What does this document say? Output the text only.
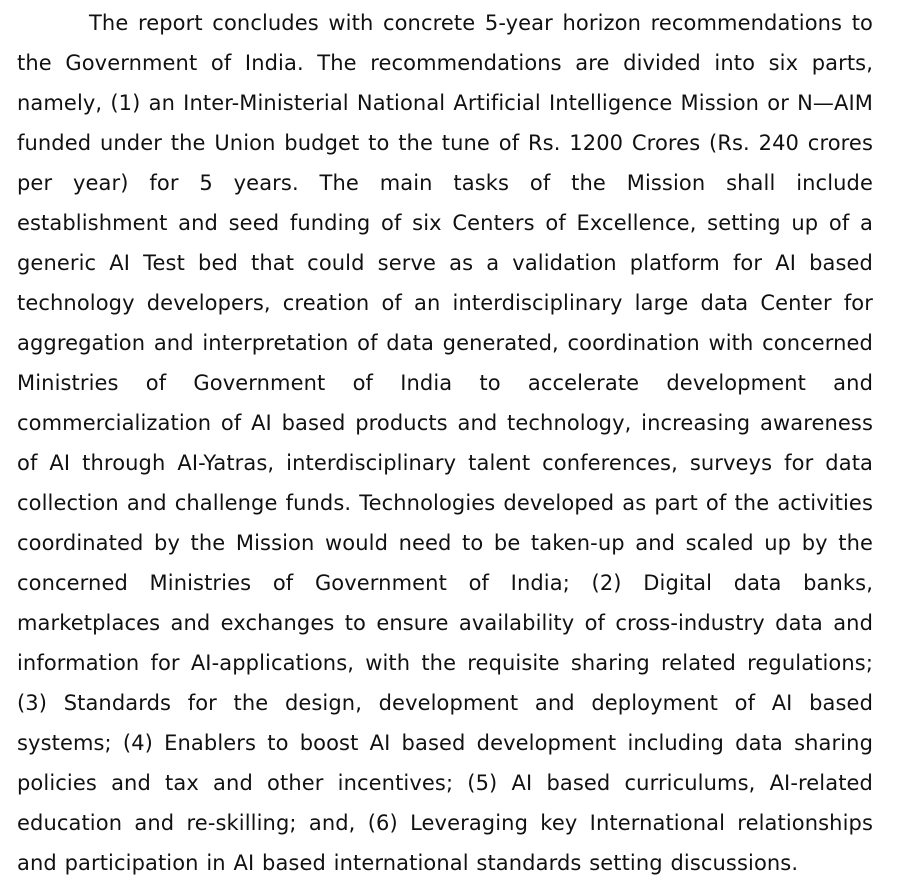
The report concludes with concrete 5-year horizon recommendations to the Government of India. The recommendations are divided into six parts, namely, (1) an Inter-Ministerial National Artificial Intelligence Mission or N—AIM funded under the Union budget to the tune of Rs. 1200 Crores (Rs. 240 crores per year) for 5 years. The main tasks of the Mission shall include establishment and seed funding of six Centers of Excellence, setting up of a generic AI Test bed that could serve as a validation platform for AI based technology developers, creation of an interdisciplinary large data Center for aggregation and interpretation of data generated, coordination with concerned Ministries of Government of India to accelerate development and commercialization of AI based products and technology, increasing awareness of AI through AI-Yatras, interdisciplinary talent conferences, surveys for data collection and challenge funds. Technologies developed as part of the activities coordinated by the Mission would need to be taken-up and scaled up by the concerned Ministries of Government of India; (2) Digital data banks, marketplaces and exchanges to ensure availability of cross-industry data and information for AI-applications, with the requisite sharing related regulations; (3) Standards for the design, development and deployment of AI based systems; (4) Enablers to boost AI based development including data sharing policies and tax and other incentives; (5) AI based curriculums, AI-related education and re-skilling; and, (6) Leveraging key International relationships and participation in AI based international standards setting discussions.
